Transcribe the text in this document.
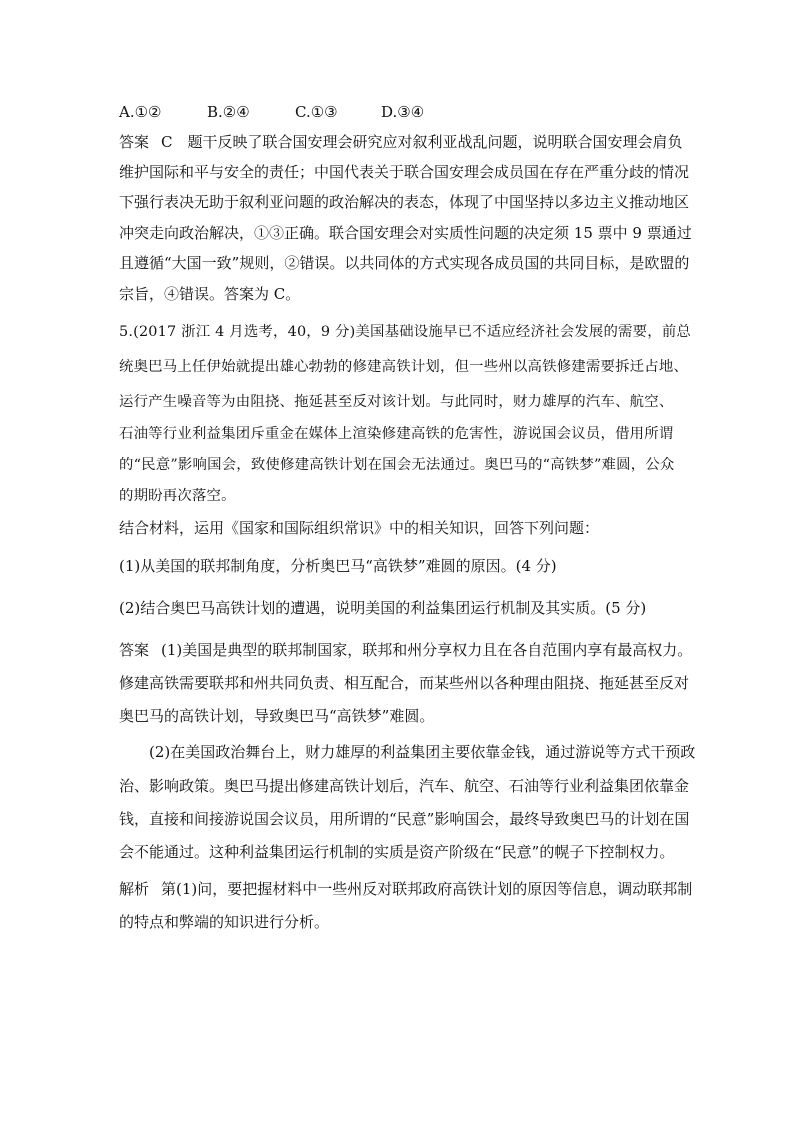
A.①②	B.②④	C.①③	D.③④
答案 C　题干反映了联合国安理会研究应对叙利亚战乱问题，说明联合国安理会肩负
维护国际和平与安全的责任；中国代表关于联合国安理会成员国在存在严重分歧的情况
下强行表决无助于叙利亚问题的政治解决的表态，体现了中国坚持以多边主义推动地区
冲突走向政治解决，①③正确。联合国安理会对实质性问题的决定须 15 票中 9 票通过
且遵循“大国一致”规则，②错误。以共同体的方式实现各成员国的共同目标，是欧盟的
宗旨，④错误。答案为 C。
5.(2017 浙江 4 月选考，40，9 分)美国基础设施早已不适应经济社会发展的需要，前总
统奥巴马上任伊始就提出雄心勃勃的修建高铁计划，但一些州以高铁修建需要拆迁占地、
运行产生噪音等为由阻挠、拖延甚至反对该计划。与此同时，财力雄厚的汽车、航空、
石油等行业利益集团斥重金在媒体上渲染修建高铁的危害性，游说国会议员，借用所谓
的“民意”影响国会，致使修建高铁计划在国会无法通过。奥巴马的“高铁梦”难圆，公众
的期盼再次落空。
结合材料，运用《国家和国际组织常识》中的相关知识，回答下列问题：
(1)从美国的联邦制角度，分析奥巴马“高铁梦”难圆的原因。(4 分)
(2)结合奥巴马高铁计划的遭遇，说明美国的利益集团运行机制及其实质。(5 分)
答案 (1)美国是典型的联邦制国家，联邦和州分享权力且在各自范围内享有最高权力。
修建高铁需要联邦和州共同负责、相互配合，而某些州以各种理由阻挠、拖延甚至反对
奥巴马的高铁计划，导致奥巴马“高铁梦”难圆。
(2)在美国政治舞台上，财力雄厚的利益集团主要依靠金钱，通过游说等方式干预政
治、影响政策。奥巴马提出修建高铁计划后，汽车、航空、石油等行业利益集团依靠金
钱，直接和间接游说国会议员，用所谓的“民意”影响国会，最终导致奥巴马的计划在国
会不能通过。这种利益集团运行机制的实质是资产阶级在“民意”的幌子下控制权力。
解析 第(1)问，要把握材料中一些州反对联邦政府高铁计划的原因等信息，调动联邦制
的特点和弊端的知识进行分析。
